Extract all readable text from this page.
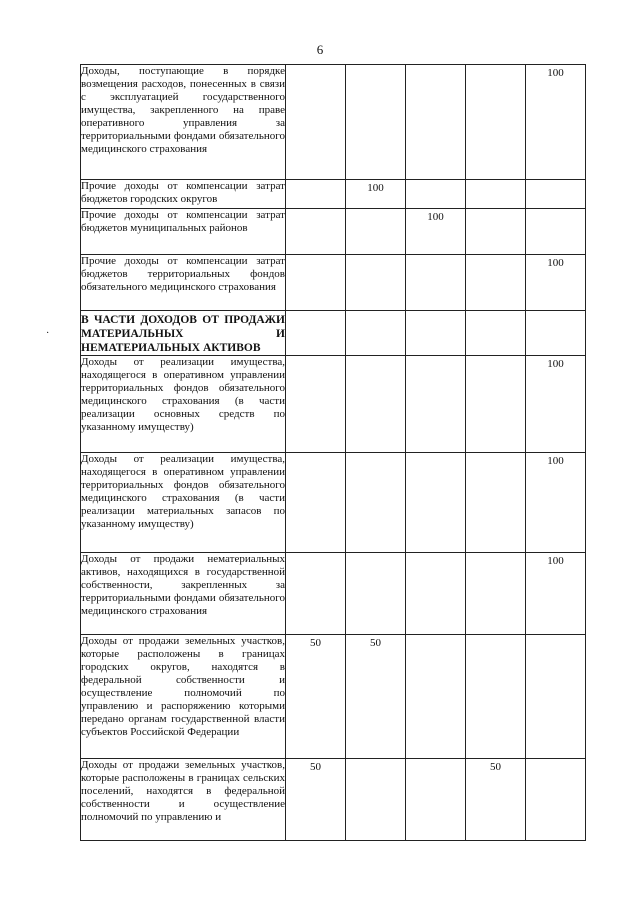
6
·
Доходы, поступающие в порядке возмещения расходов, понесенных в связи с эксплуатацией государственного имущества, закрепленного на праве оперативного управления за территориальными фондами обязательного медицинского страхования					100
Прочие доходы от компенсации затрат бюджетов городских округов		100			
Прочие доходы от компенсации затрат бюджетов муниципальных районов			100		
Прочие доходы от компенсации затрат бюджетов территориальных фондов обязательного медицинского страхования					100
В ЧАСТИ ДОХОДОВ ОТ ПРОДАЖИ МАТЕРИАЛЬНЫХ И НЕМАТЕРИАЛЬНЫХ АКТИВОВ					
Доходы от реализации имущества, находящегося в оперативном управлении территориальных фондов обязательного медицинского страхования (в части реализации основных средств по указанному имуществу)					100
Доходы от реализации имущества, находящегося в оперативном управлении территориальных фондов обязательного медицинского страхования (в части реализации материальных запасов по указанному имуществу)					100
Доходы от продажи нематериальных активов, находящихся в государственной собственности, закрепленных за территориальными фондами обязательного медицинского страхования					100
Доходы от продажи земельных участков, которые расположены в границах городских округов, находятся в федеральной собственности и осуществление полномочий по управлению и распоряжению которыми передано органам государственной власти субъектов Российской Федерации	50	50			
Доходы от продажи земельных участков, которые расположены в границах сельских поселений, находятся в федеральной собственности и осуществление полномочий по управлению и	50			50	
